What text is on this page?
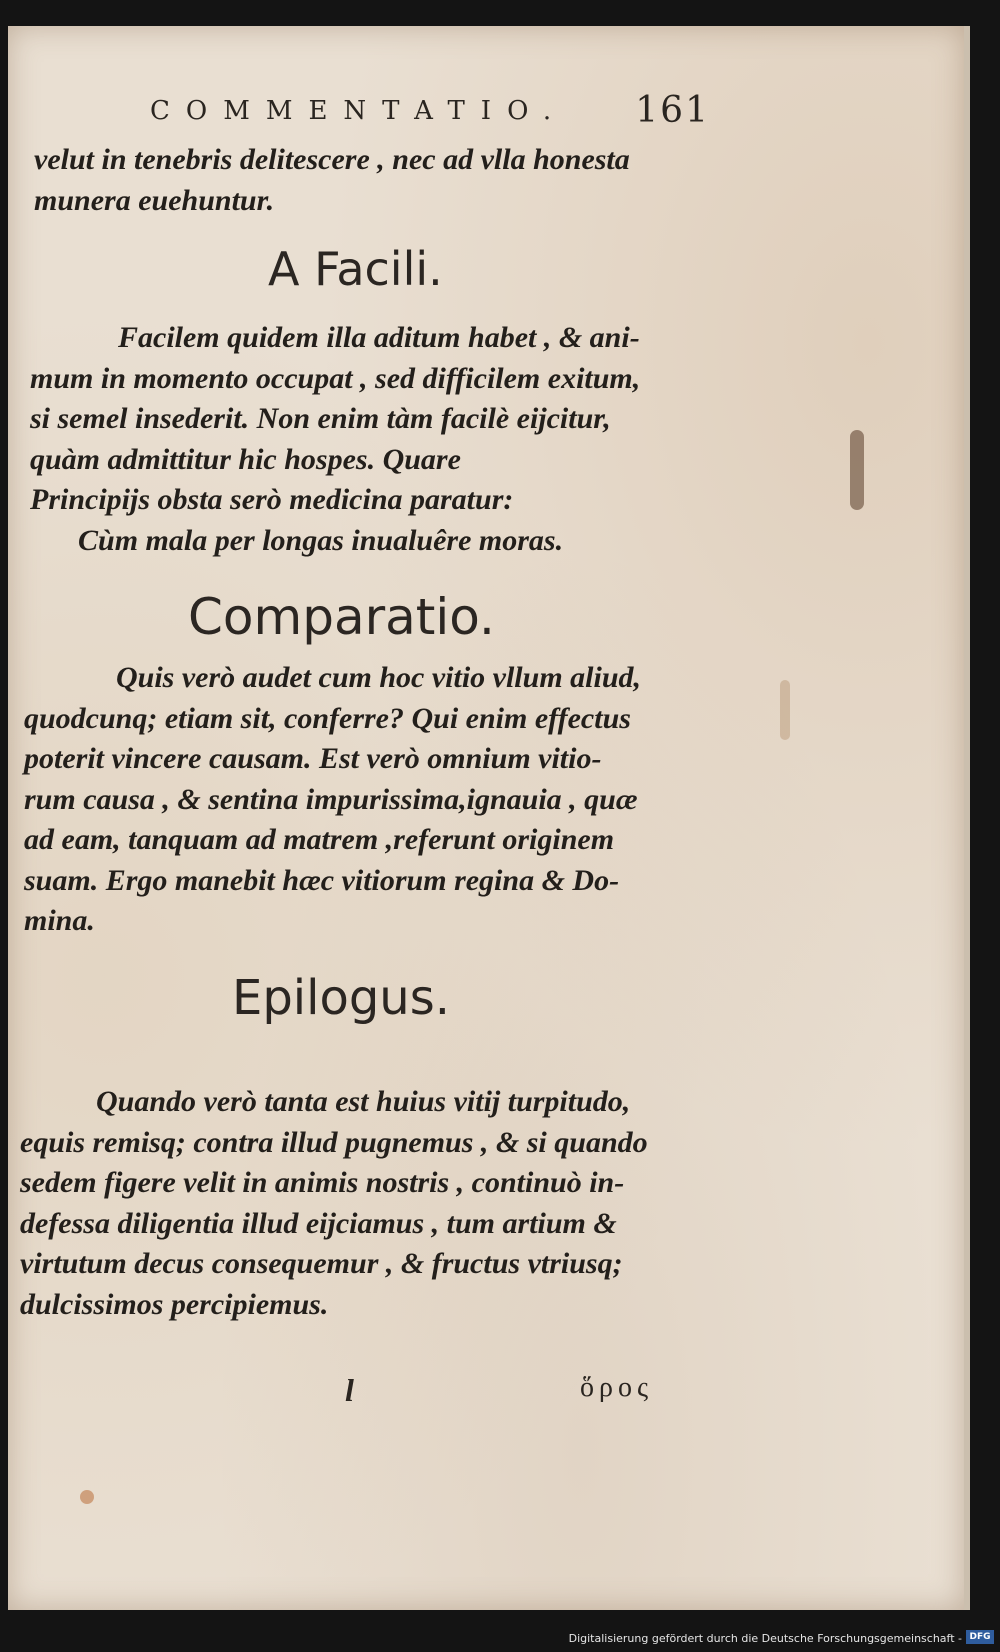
COMMENTATIO. 161
velut in tenebris delitescere , nec ad vlla honesta
munera euehuntur.
A Facili.
Facilem quidem illa aditum habet , & ani-
mum in momento occupat , sed difficilem exitum,
si semel insederit. Non enim tàm facilè eijcitur,
quàm admittitur hic hospes. Quare
Principijs obsta serò medicina paratur:
Cùm mala per longas inualuêre moras.
Comparatio.
Quis verò audet cum hoc vitio vllum aliud,
quodcunq; etiam sit, conferre? Qui enim effectus
poterit vincere causam. Est verò omnium vitio-
rum causa , & sentina impurissima,ignauia , quæ
ad eam, tanquam ad matrem ,referunt originem
suam. Ergo manebit hæc vitiorum regina & Do-
mina.
Epilogus.
Quando verò tanta est huius vitij turpitudo,
equis remisq; contra illud pugnemus , & si quando
sedem figere velit in animis nostris , continuò in-
defessa diligentia illud eijciamus , tum artium &
virtutum decus consequemur , & fructus vtriusq;
dulcissimos percipiemus.
l	ὅρος
Digitalisierung gefördert durch die Deutsche Forschungsgemeinschaft - DFG
